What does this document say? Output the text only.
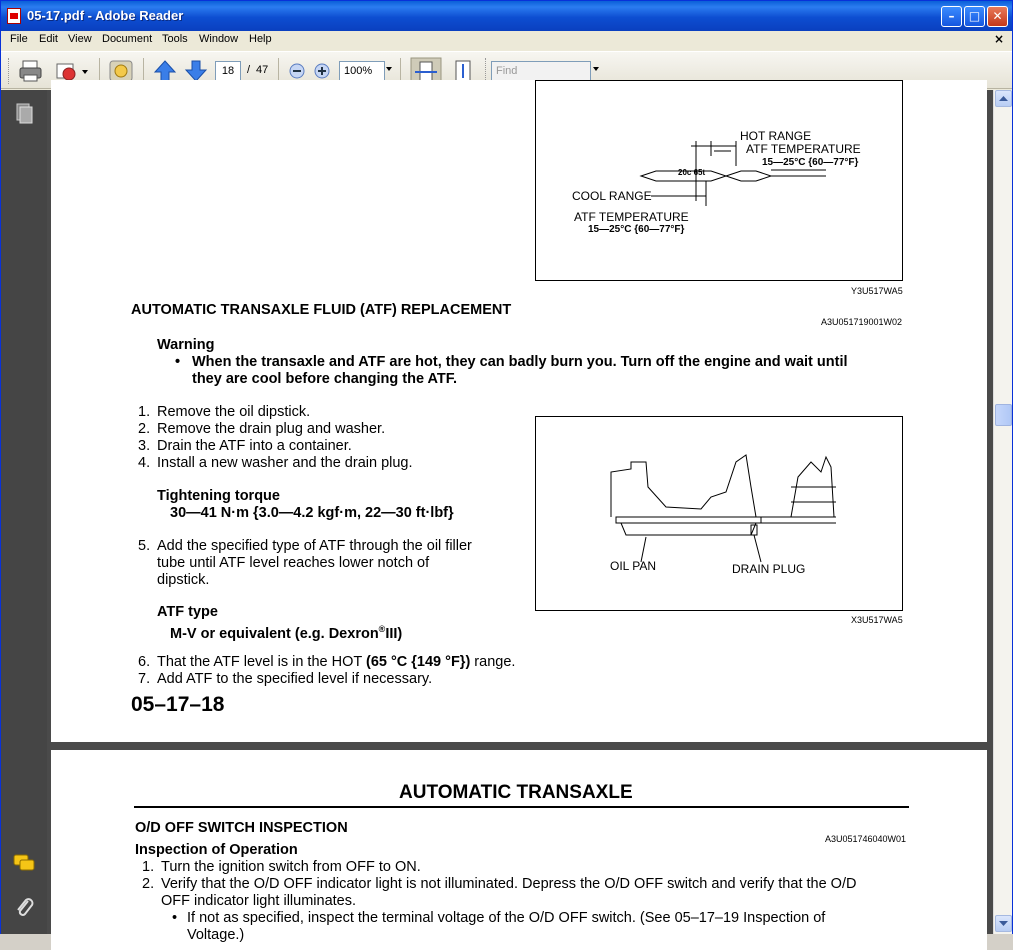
05-17.pdf - Adobe Reader	–	□	✕
File Edit View Document Tools Window Help	×
18	/ 47	100%	Find
HOT RANGE
ATF TEMPERATURE
15—25°C {60—77°F}
20c 65t
COOL RANGE
ATF TEMPERATURE
15—25°C {60—77°F}
Y3U517WA5
AUTOMATIC TRANSAXLE FLUID (ATF) REPLACEMENT
A3U051719001W02
Warning
• When the transaxle and ATF are hot, they can badly burn you. Turn off the engine and wait until
they are cool before changing the ATF.
1. Remove the oil dipstick.
2. Remove the drain plug and washer.
3. Drain the ATF into a container.
4. Install a new washer and the drain plug.
Tightening torque
30—41 N·m {3.0—4.2 kgf·m, 22—30 ft·lbf}
5. Add the specified type of ATF through the oil filler
tube until ATF level reaches lower notch of
dipstick.
ATF type
M-V or equivalent (e.g. Dexron®III)
6. That the ATF level is in the HOT (65 °C {149 °F}) range.
7. Add ATF to the specified level if necessary.
05–17–18
OIL PAN	DRAIN PLUG
X3U517WA5
AUTOMATIC TRANSAXLE
O/D OFF SWITCH INSPECTION
A3U051746040W01
Inspection of Operation
1. Turn the ignition switch from OFF to ON.
2. Verify that the O/D OFF indicator light is not illuminated. Depress the O/D OFF switch and verify that the O/D
OFF indicator light illuminates.
• If not as specified, inspect the terminal voltage of the O/D OFF switch. (See 05–17–19 Inspection of
Voltage.)
